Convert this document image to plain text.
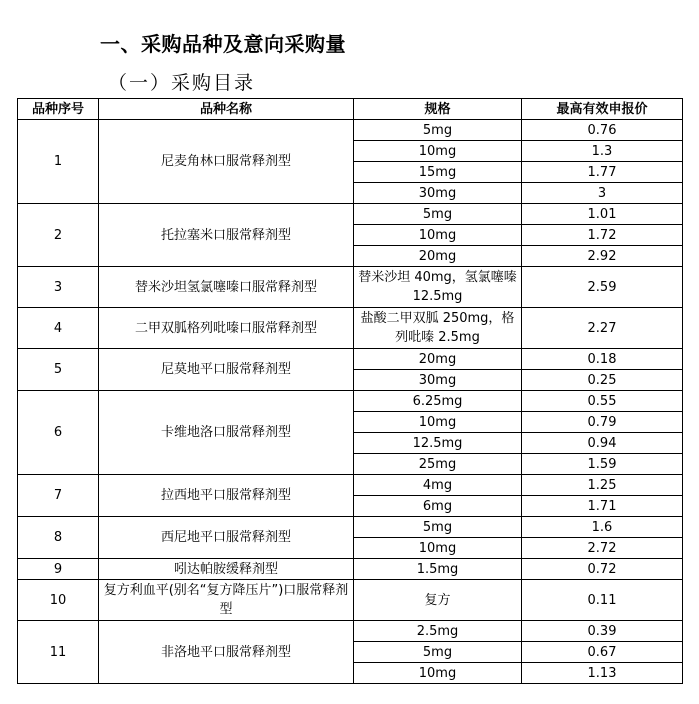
一、采购品种及意向采购量
（一）采购目录
品种序号	品种名称	规格	最高有效申报价
1	尼麦角林口服常释剂型	5mg	0.76
		10mg	1.3
		15mg	1.77
		30mg	3
2	托拉塞米口服常释剂型	5mg	1.01
		10mg	1.72
		20mg	2.92
3	替米沙坦氢氯噻嗪口服常释剂型	替米沙坦 40mg，氢氯噻嗪 12.5mg	2.59
4	二甲双胍格列吡嗪口服常释剂型	盐酸二甲双胍 250mg，格列吡嗪 2.5mg	2.27
5	尼莫地平口服常释剂型	20mg	0.18
		30mg	0.25
6	卡维地洛口服常释剂型	6.25mg	0.55
		10mg	0.79
		12.5mg	0.94
		25mg	1.59
7	拉西地平口服常释剂型	4mg	1.25
		6mg	1.71
8	西尼地平口服常释剂型	5mg	1.6
		10mg	2.72
9	吲达帕胺缓释剂型	1.5mg	0.72
10	复方利血平(别名“复方降压片”)口服常释剂型	复方	0.11
11	非洛地平口服常释剂型	2.5mg	0.39
		5mg	0.67
		10mg	1.13
